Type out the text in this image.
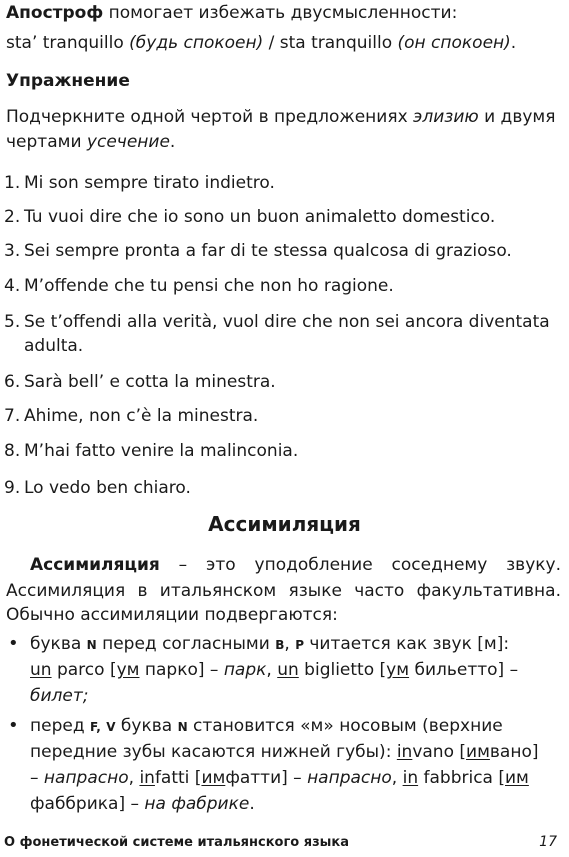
Апостроф помогает избежать двусмысленности:
sta’ tranquillo (будь спокоен) / sta tranquillo (он спокоен).
Упражнение
Подчеркните одной чертой в предложениях элизию и двумя
чертами усечение.
1. Mi son sempre tirato indietro.
2. Tu vuoi dire che io sono un buon animaletto domestico.
3. Sei sempre pronta a far di te stessa qualcosa di grazioso.
4. M’offende che tu pensi che non ho ragione.
5. Se t’offendi alla verità, vuol dire che non sei ancora diventata
adulta.
6. Sarà bell’ e cotta la minestra.
7. Ahime, non c’è la minestra.
8. M’hai fatto venire la malinconia.
9. Lo vedo ben chiaro.
Ассимиляция
Ассимиляция – это уподобление соседнему звуку.
Ассимиляция в итальянском языке часто факультативна.
Обычно ассимиляции подвергаются:
• буква N перед согласными B, P читается как звук [м]:
un parco [ум парко] – парк, un biglietto [ум бильетто] –
билет;
• перед F, V буква N становится «м» носовым (верхние
передние зубы касаются нижней губы): invano [имвано]
– напрасно, infatti [имфатти] – напрасно, in fabbrica [им
фаббрика] – на фабрике.
О фонетической системе итальянского языка	17
